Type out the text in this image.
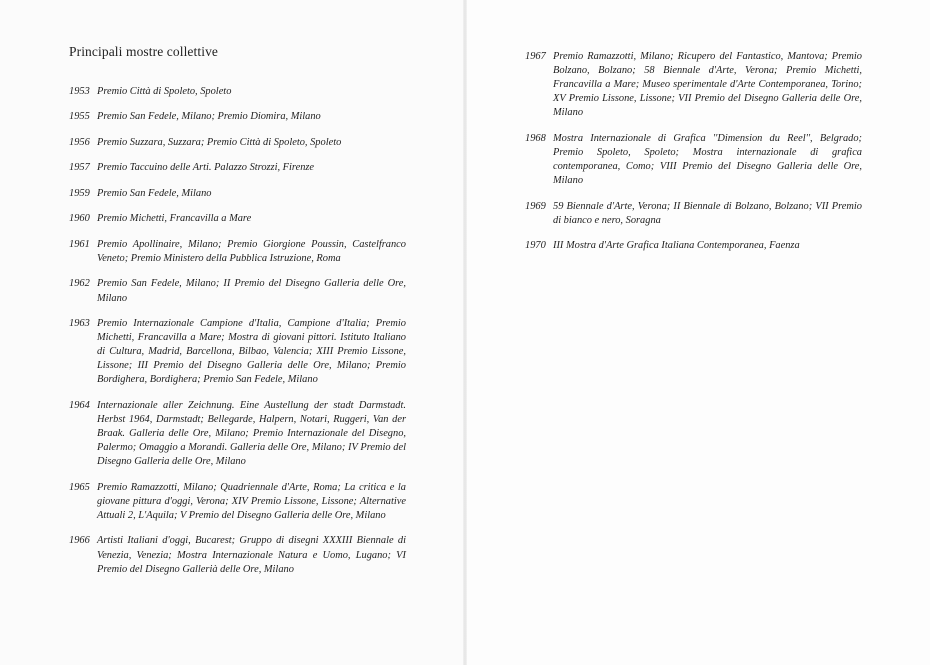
Principali mostre collettive
1953 Premio Città di Spoleto, Spoleto
1955 Premio San Fedele, Milano; Premio Diomira, Milano
1956 Premio Suzzara, Suzzara; Premio Città di Spoleto, Spoleto
1957 Premio Taccuino delle Arti. Palazzo Strozzi, Firenze
1959 Premio San Fedele, Milano
1960 Premio Michetti, Francavilla a Mare
1961 Premio Apollinaire, Milano; Premio Giorgione Poussin, Castelfranco Veneto; Premio Ministero della Pubblica Istruzione, Roma
1962 Premio San Fedele, Milano; II Premio del Disegno Galleria delle Ore, Milano
1963 Premio Internazionale Campione d'Italia, Campione d'Italia; Premio Michetti, Francavilla a Mare; Mostra di giovani pittori. Istituto Italiano di Cultura, Madrid, Barcellona, Bilbao, Valencia; XIII Premio Lissone, Lissone; III Premio del Disegno Galleria delle Ore, Milano; Premio Bordighera, Bordighera; Premio San Fedele, Milano
1964 Internazionale aller Zeichnung. Eine Austellung der stadt Darmstadt. Herbst 1964, Darmstadt; Bellegarde, Halpern, Notari, Ruggeri, Van der Braak. Galleria delle Ore, Milano; Premio Internazionale del Disegno, Palermo; Omaggio a Morandi. Galleria delle Ore, Milano; IV Premio del Disegno Galleria delle Ore, Milano
1965 Premio Ramazzotti, Milano; Quadriennale d'Arte, Roma; La critica e la giovane pittura d'oggi, Verona; XIV Premio Lissone, Lissone; Alternative Attuali 2, L'Aquila; V Premio del Disegno Galleria delle Ore, Milano
1966 Artisti Italiani d'oggi, Bucarest; Gruppo di disegni XXXIII Biennale di Venezia, Venezia; Mostra Internazionale Natura e Uomo, Lugano; VI Premio del Disegno Gallerià delle Ore, Milano
1967 Premio Ramazzotti, Milano; Ricupero del Fantastico, Mantova; Premio Bolzano, Bolzano; 58 Biennale d'Arte, Verona; Premio Michetti, Francavilla a Mare; Museo sperimentale d'Arte Contemporanea, Torino; XV Premio Lissone, Lissone; VII Premio del Disegno Galleria delle Ore, Milano
1968 Mostra Internazionale di Grafica ''Dimension du Reel'', Belgrado; Premio Spoleto, Spoleto; Mostra internazionale di grafica contemporanea, Como; VIII Premio del Disegno Galleria delle Ore, Milano
1969 59 Biennale d'Arte, Verona; II Biennale di Bolzano, Bolzano; VII Premio di bianco e nero, Soragna
1970 III Mostra d'Arte Grafica Italiana Contemporanea, Faenza
